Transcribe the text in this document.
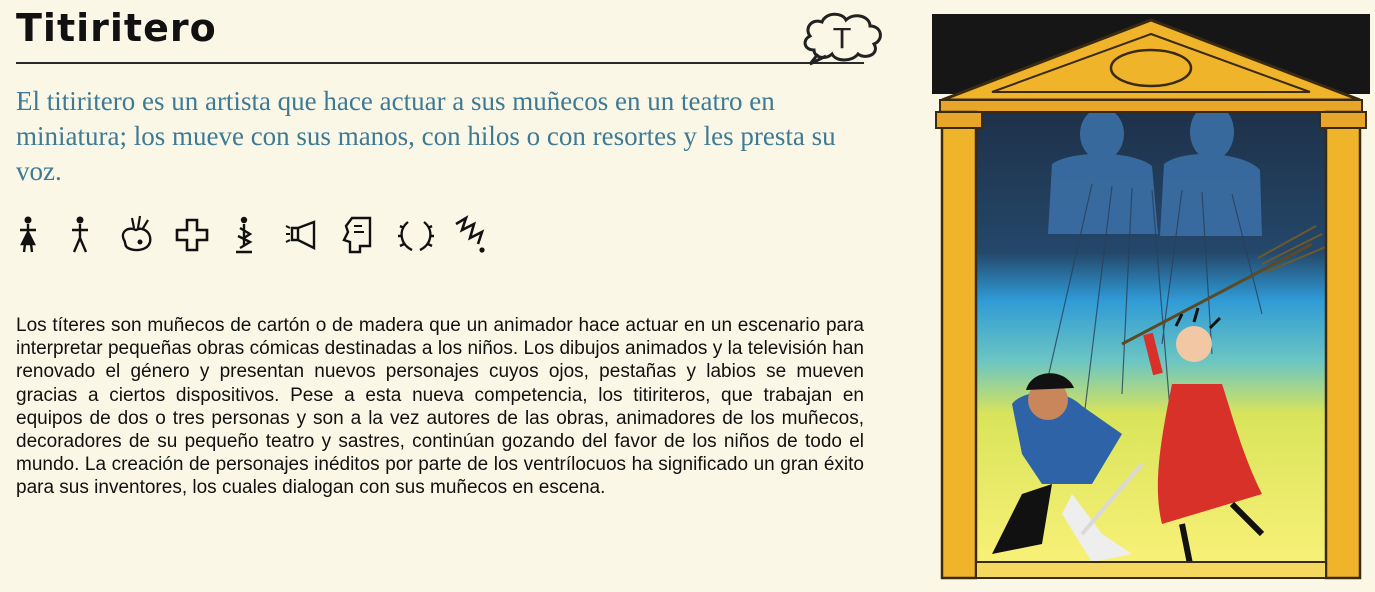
Titiritero	T

El titiritero es un artista que hace actuar a sus muñecos en un teatro en miniatura; los mueve con sus manos, con hilos o con resortes y les presta su voz.

Los títeres son muñecos de cartón o de madera que un animador hace actuar en un escenario para interpretar pequeñas obras cómicas destinadas a los niños. Los dibujos animados y la televisión han renovado el género y presentan nuevos personajes cuyos ojos, pestañas y labios se mueven gracias a ciertos dispositivos. Pese a esta nueva competencia, los titiriteros, que trabajan en equipos de dos o tres personas y son a la vez autores de las obras, animadores de los muñecos, decoradores de su pequeño teatro y sastres, continúan gozando del favor de los niños de todo el mundo. La creación de personajes inéditos por parte de los ventrílocuos ha significado un gran éxito para sus inventores, los cuales dialogan con sus muñecos en escena.
